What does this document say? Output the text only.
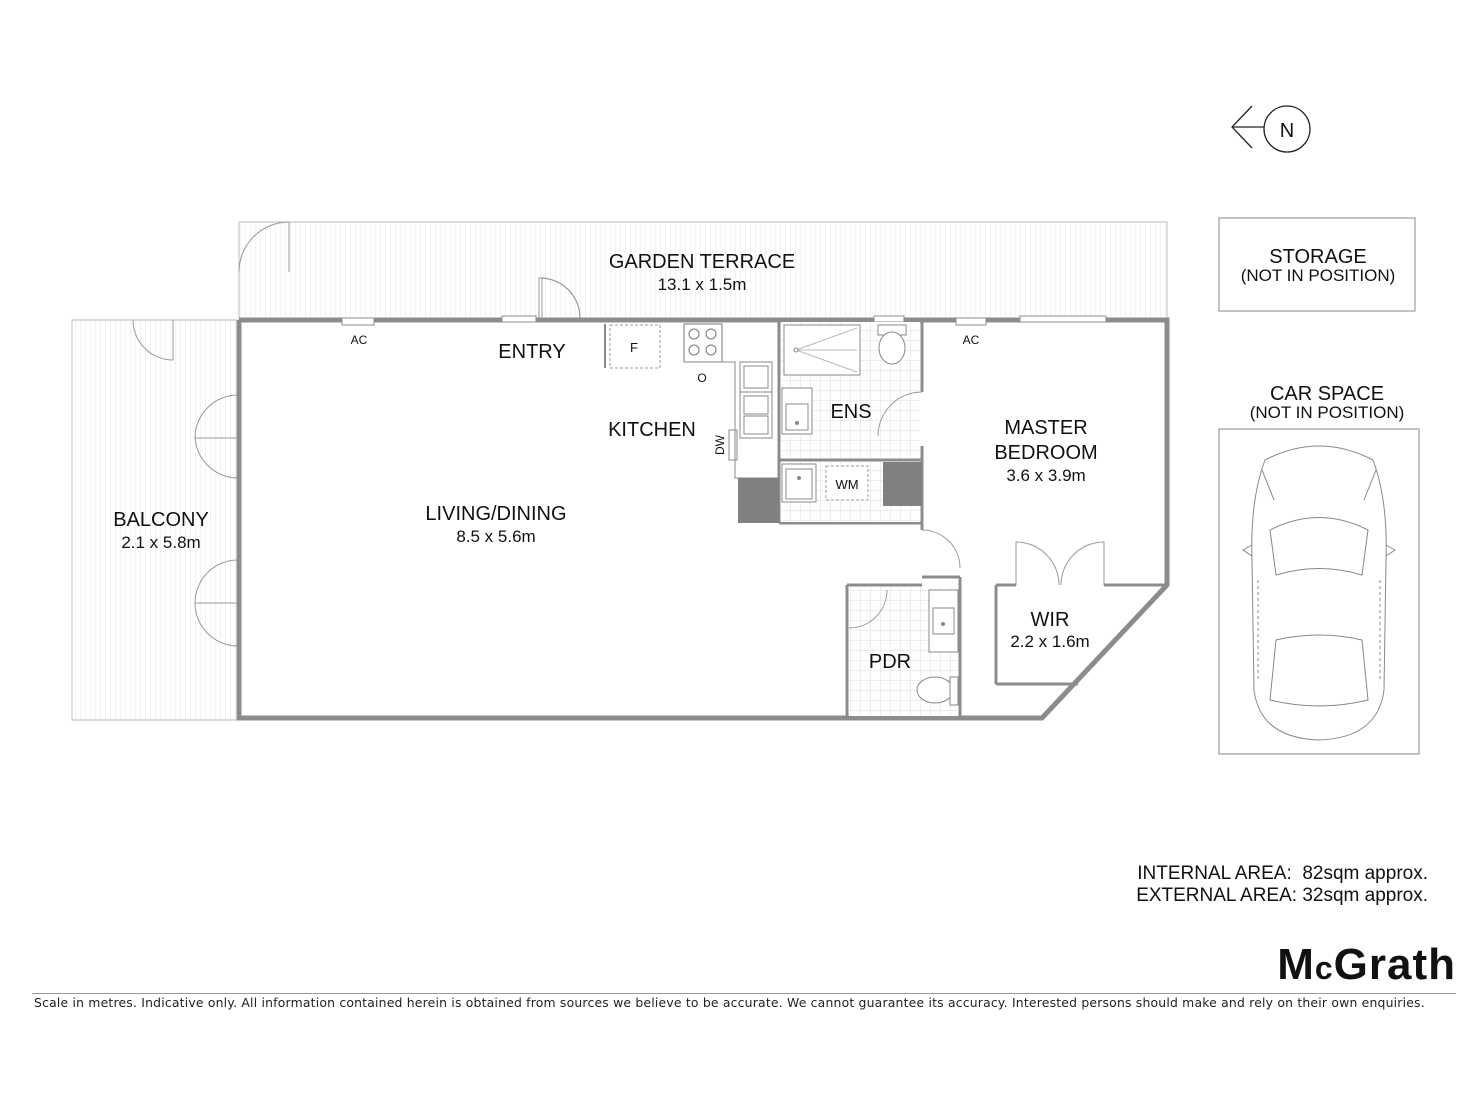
N
GARDEN TERRACE
13.1 x 1.5m
BALCONY
2.1 x 5.8m
AC	AC
ENTRY	F
O
DW
KITCHEN
ENS
WM
PDR
LIVING/DINING
8.5 x 5.6m
MASTER
BEDROOM
3.6 x 3.9m
WIR
2.2 x 1.6m
STORAGE
(NOT IN POSITION)
CAR SPACE
(NOT IN POSITION)
INTERNAL AREA:  82sqm approx.
EXTERNAL AREA: 32sqm approx.
McGrath
Scale in metres. Indicative only. All information contained herein is obtained from sources we believe to be accurate. We cannot guarantee its accuracy. Interested persons should make and rely on their own enquiries.
